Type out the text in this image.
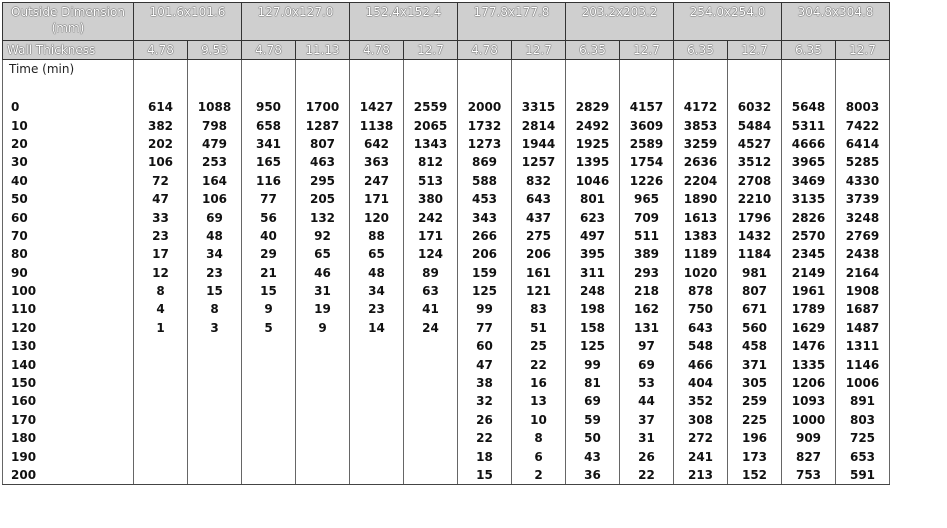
Outside Dimension (mm)	101.6x101.6		127.0x127.0		152.4x152.4		177.8x177.8		203.2x203.2		254.0x254.0		304.8x304.8	
Wall Thickness	4.78	9.53	4.78	11.13	4.78	12.7	4.78	12.7	6.35	12.7	6.35	12.7	6.35	12.7
Time (min)														

0	614	1088	950	1700	1427	2559	2000	3315	2829	4157	4172	6032	5648	8003
10	382	798	658	1287	1138	2065	1732	2814	2492	3609	3853	5484	5311	7422
20	202	479	341	807	642	1343	1273	1944	1925	2589	3259	4527	4666	6414
30	106	253	165	463	363	812	869	1257	1395	1754	2636	3512	3965	5285
40	72	164	116	295	247	513	588	832	1046	1226	2204	2708	3469	4330
50	47	106	77	205	171	380	453	643	801	965	1890	2210	3135	3739
60	33	69	56	132	120	242	343	437	623	709	1613	1796	2826	3248
70	23	48	40	92	88	171	266	275	497	511	1383	1432	2570	2769
80	17	34	29	65	65	124	206	206	395	389	1189	1184	2345	2438
90	12	23	21	46	48	89	159	161	311	293	1020	981	2149	2164
100	8	15	15	31	34	63	125	121	248	218	878	807	1961	1908
110	4	8	9	19	23	41	99	83	198	162	750	671	1789	1687
120	1	3	5	9	14	24	77	51	158	131	643	560	1629	1487
130							60	25	125	97	548	458	1476	1311
140							47	22	99	69	466	371	1335	1146
150							38	16	81	53	404	305	1206	1006
160							32	13	69	44	352	259	1093	891
170							26	10	59	37	308	225	1000	803
180							22	8	50	31	272	196	909	725
190							18	6	43	26	241	173	827	653
200							15	2	36	22	213	152	753	591
